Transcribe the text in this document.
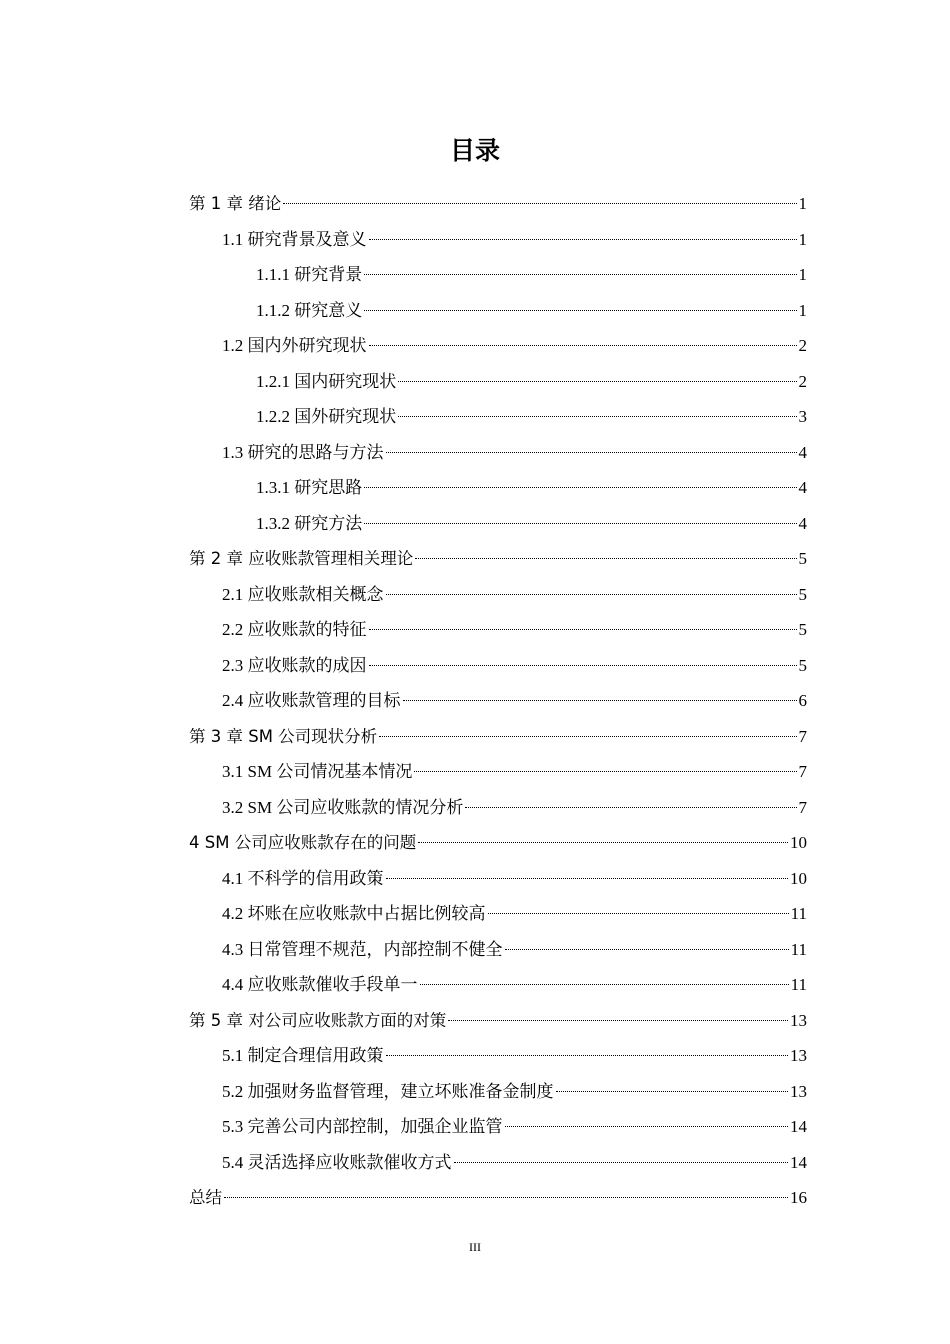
目录
第 1 章 绪论	1
1.1 研究背景及意义	1
1.1.1 研究背景	1
1.1.2 研究意义	1
1.2 国内外研究现状	2
1.2.1 国内研究现状	2
1.2.2 国外研究现状	3
1.3 研究的思路与方法	4
1.3.1 研究思路	4
1.3.2 研究方法	4
第 2 章 应收账款管理相关理论	5
2.1 应收账款相关概念	5
2.2 应收账款的特征	5
2.3 应收账款的成因	5
2.4 应收账款管理的目标	6
第 3 章 SM 公司现状分析	7
3.1 SM 公司情况基本情况	7
3.2 SM 公司应收账款的情况分析	7
4 SM 公司应收账款存在的问题	10
4.1 不科学的信用政策	10
4.2 坏账在应收账款中占据比例较高	11
4.3 日常管理不规范，内部控制不健全	11
4.4 应收账款催收手段单一	11
第 5 章 对公司应收账款方面的对策	13
5.1 制定合理信用政策	13
5.2 加强财务监督管理，建立坏账准备金制度	13
5.3 完善公司内部控制，加强企业监管	14
5.4 灵活选择应收账款催收方式	14
总结	16
III
